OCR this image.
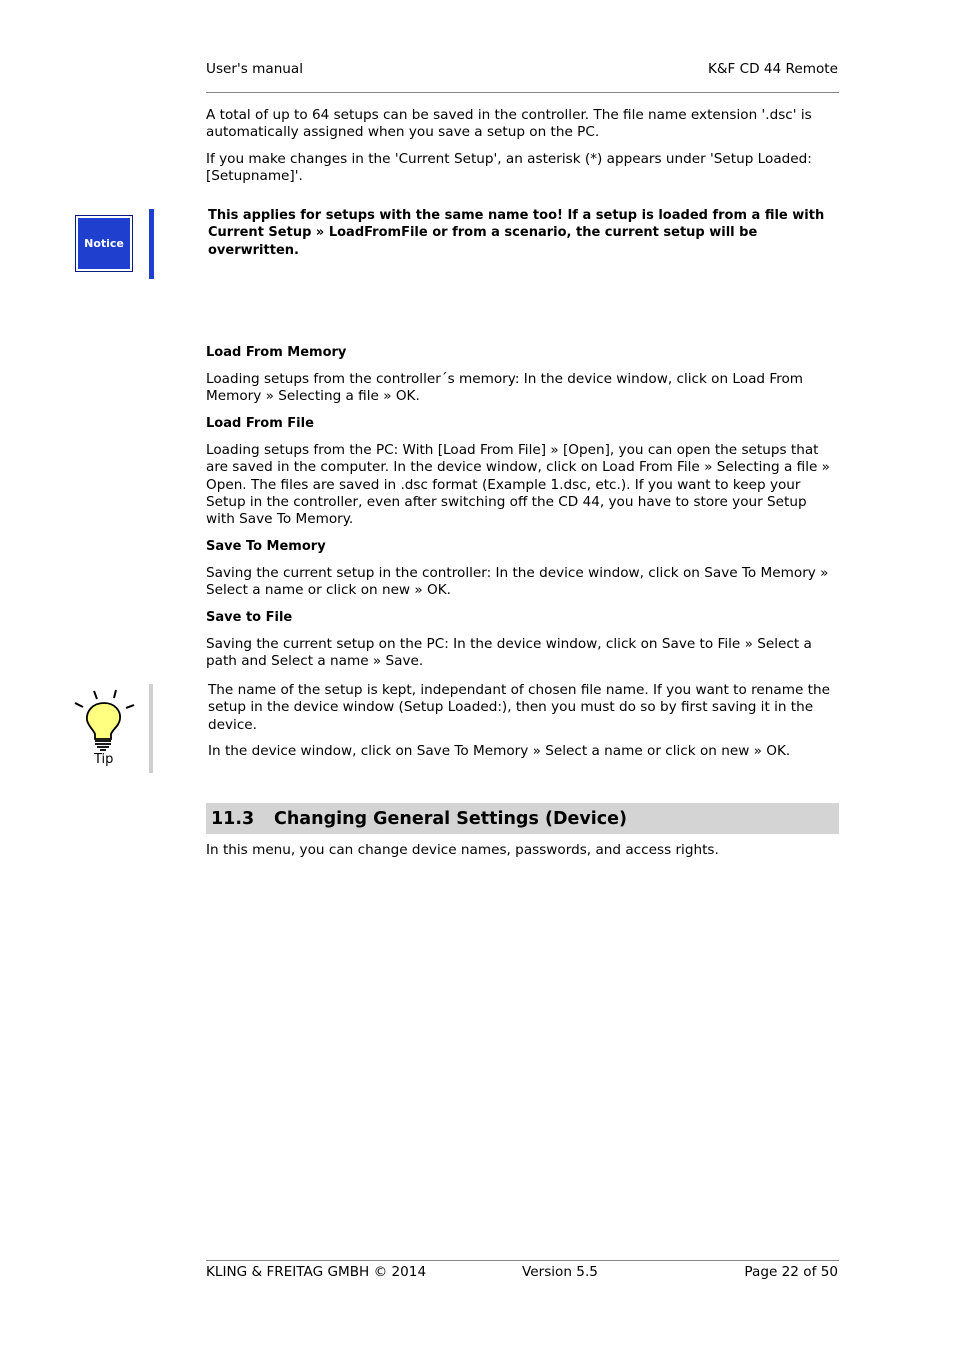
User's manual	K&F CD 44 Remote

A total of up to 64 setups can be saved in the controller. The file name extension '.dsc' is automatically assigned when you save a setup on the PC.

If you make changes in the 'Current Setup', an asterisk (*) appears under 'Setup Loaded: [Setupname]'.

Notice
This applies for setups with the same name too! If a setup is loaded from a file with Current Setup » LoadFromFile or from a scenario, the current setup will be overwritten.
Load From Memory

Loading setups from the controller´s memory: In the device window, click on Load From Memory » Selecting a file » OK.

Load From File

Loading setups from the PC: With [Load From File] » [Open], you can open the setups that are saved in the computer. In the device window, click on Load From File » Selecting a file » Open. The files are saved in .dsc format (Example 1.dsc, etc.). If you want to keep your Setup in the controller, even after switching off the CD 44, you have to store your Setup with Save To Memory.

Save To Memory

Saving the current setup in the controller: In the device window, click on Save To Memory » Select a name or click on new » OK.

Save to File

Saving the current setup on the PC: In the device window, click on Save to File » Select a path and Select a name » Save.

Tip

The name of the setup is kept, independant of chosen file name. If you want to rename the setup in the device window (Setup Loaded:), then you must do so by first saving it in the device.

In the device window, click on Save To Memory » Select a name or click on new » OK.

11.3	Changing General Settings (Device)

In this menu, you can change device names, passwords, and access rights.

KLING & FREITAG GMBH © 2014	Version 5.5	Page 22 of 50
